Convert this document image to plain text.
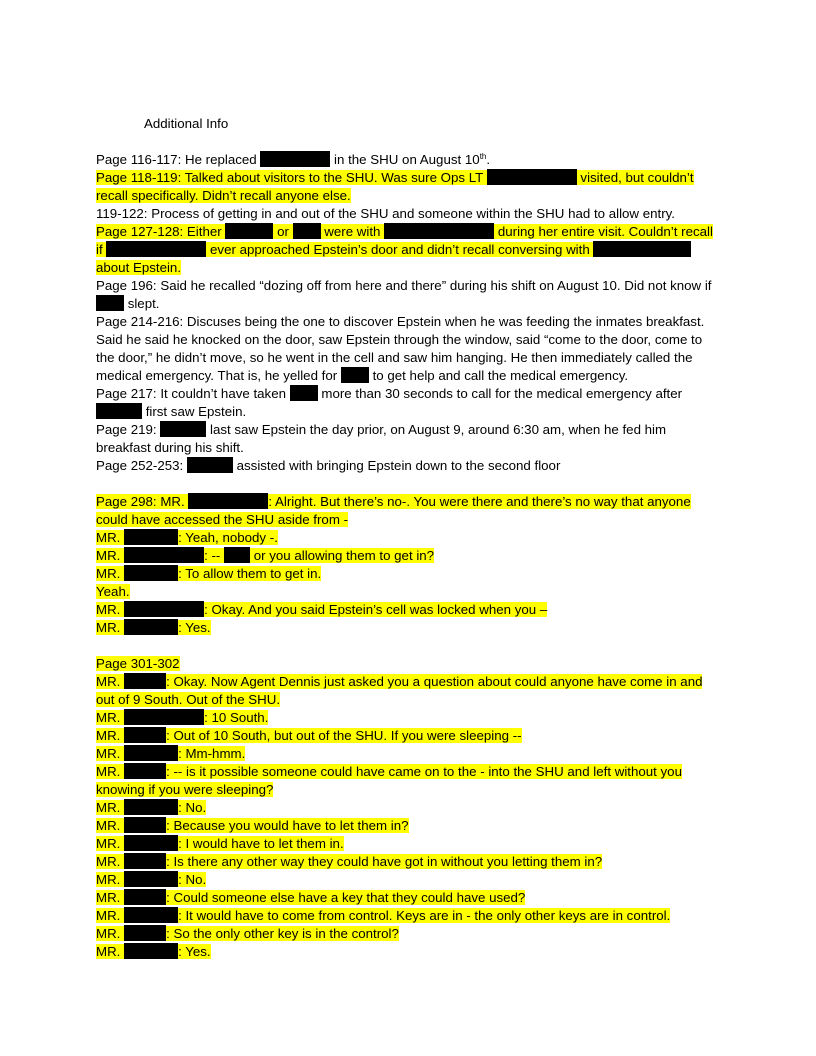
Additional Info

Page 116-117: He replaced	in the SHU on August 10th.

Page 118-119: Talked about visitors to the SHU. Was sure Ops LT	visited, but couldn’t recall specifically. Didn’t recall anyone else.

119-122: Process of getting in and out of the SHU and someone within the SHU had to allow entry.

Page 127-128: Either	or  were with	during her entire visit. Couldn’t recall if	ever approached Epstein’s door and didn’t recall conversing with  about Epstein.

Page 196: Said he recalled “dozing off from here and there” during his shift on August 10. Did not know if  slept.

Page 214-216: Discuses being the one to discover Epstein when he was feeding the inmates breakfast. Said he said he knocked on the door, saw Epstein through the window, said “come to the door, come to the door,” he didn’t move, so he went in the cell and saw him hanging. He then immediately called the medical emergency. That is, he yelled for  to get help and call the medical emergency.

Page 217: It couldn’t have taken  more than 30 seconds to call for the medical emergency after  first saw Epstein.

Page 219:	last saw Epstein the day prior, on August 9, around 6:30 am, when he fed him breakfast during his shift.

Page 252-253:	assisted with bringing Epstein down to the second floor

Page 298: MR.	: Alright. But there’s no-. You were there and there’s no way that anyone could have accessed the SHU aside from -

MR.	: Yeah, nobody -.

MR.	: --  or you allowing them to get in?

MR.	: To allow them to get in.

Yeah.

MR.	: Okay. And you said Epstein’s cell was locked when you –

MR.	: Yes.

Page 301-302

MR.	: Okay. Now Agent Dennis just asked you a question about could anyone have come in and out of 9 South. Out of the SHU.

MR.	: 10 South.

MR.	: Out of 10 South, but out of the SHU. If you were sleeping --

MR.	: Mm-hmm.

MR.	: -- is it possible someone could have came on to the - into the SHU and left without you knowing if you were sleeping?

MR.	: No.

MR.	: Because you would have to let them in?

MR.	: I would have to let them in.

MR.	: Is there any other way they could have got in without you letting them in?

MR.	: No.

MR.	: Could someone else have a key that they could have used?

MR.	: It would have to come from control. Keys are in - the only other keys are in control.

MR.	: So the only other key is in the control?

MR.	: Yes.
